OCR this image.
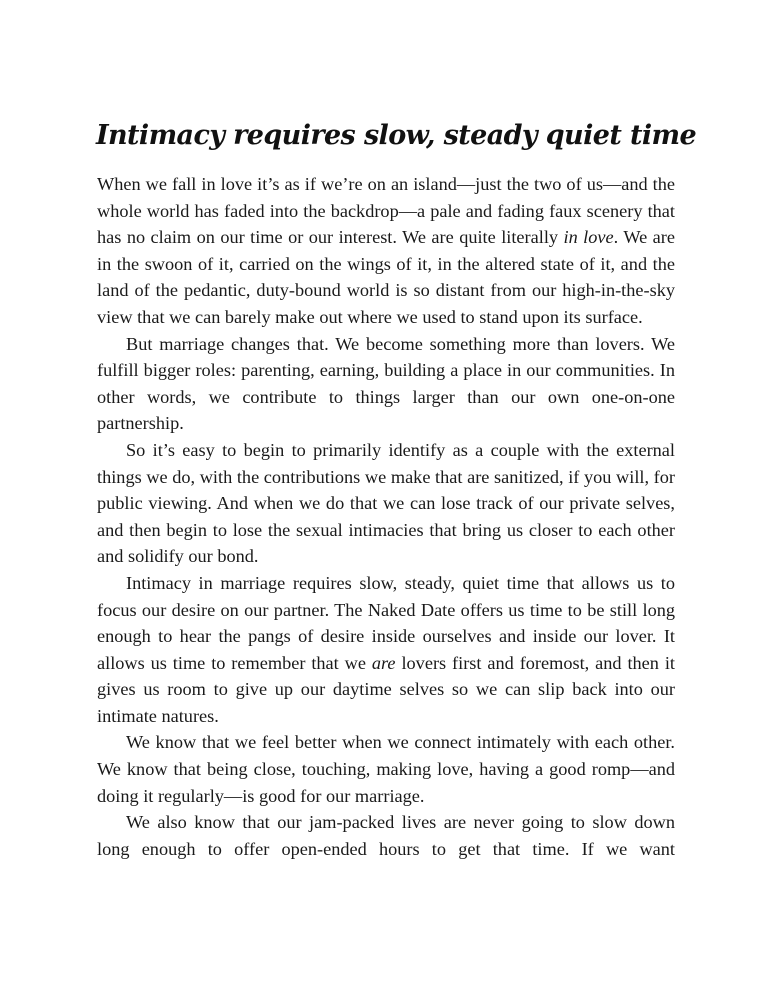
Intimacy requires slow, steady quiet time

When we fall in love it’s as if we’re on an island—just the two of us—and the whole world has faded into the backdrop—a pale and fading faux scenery that has no claim on our time or our interest. We are quite literally in love. We are in the swoon of it, carried on the wings of it, in the altered state of it, and the land of the pedantic, duty-bound world is so distant from our high-in-the-sky view that we can barely make out where we used to stand upon its surface.

But marriage changes that. We become something more than lovers. We fulfill bigger roles: parenting, earning, building a place in our communities. In other words, we contribute to things larger than our own one-on-one partnership.

So it’s easy to begin to primarily identify as a couple with the external things we do, with the contributions we make that are sanitized, if you will, for public viewing. And when we do that we can lose track of our private selves, and then begin to lose the sexual intimacies that bring us closer to each other and solidify our bond.

Intimacy in marriage requires slow, steady, quiet time that allows us to focus our desire on our partner. The Naked Date offers us time to be still long enough to hear the pangs of desire inside ourselves and inside our lover. It allows us time to remember that we are lovers first and foremost, and then it gives us room to give up our daytime selves so we can slip back into our intimate natures.

We know that we feel better when we connect intimately with each other. We know that being close, touching, making love, having a good romp—and doing it regularly—is good for our marriage.

We also know that our jam-packed lives are never going to slow down long enough to offer open-ended hours to get that time. If we want
